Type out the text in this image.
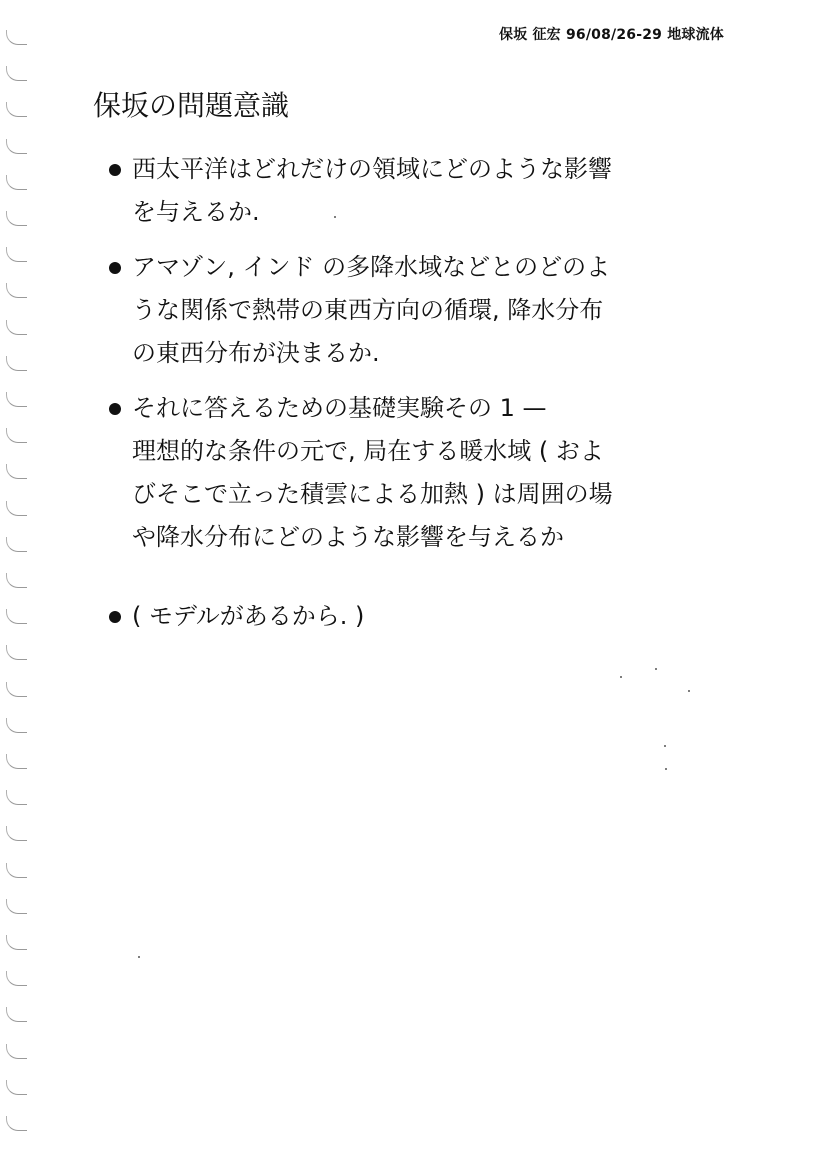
保坂 征宏 96/08/26-29 地球流体
保坂の問題意識
西太平洋はどれだけの領域にどのような影響
を与えるか.
アマゾン, インド の多降水域などとのどのよ
うな関係で熱帯の東西方向の循環, 降水分布
の東西分布が決まるか.
それに答えるための基礎実験その 1 —
理想的な条件の元で, 局在する暖水域 ( およ
びそこで立った積雲による加熱 ) は周囲の場
や降水分布にどのような影響を与えるか
( モデルがあるから. )
